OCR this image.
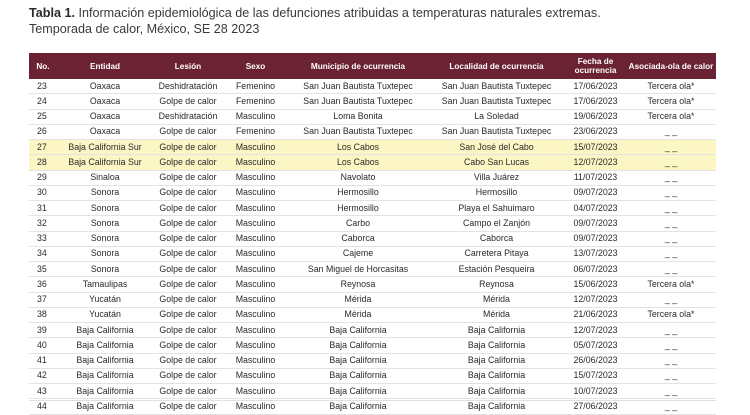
Tabla 1. Información epidemiológica de las defunciones atribuidas a temperaturas naturales extremas.
Temporada de calor, México, SE 28 2023
No.	Entidad	Lesión	Sexo	Municipio de ocurrencia	Localidad de ocurrencia	Fecha de ocurrencia	Asociada-ola de calor
23	Oaxaca	Deshidratación	Femenino	San Juan Bautista Tuxtepec	San Juan Bautista Tuxtepec	17/06/2023	Tercera ola*
24	Oaxaca	Golpe de calor	Femenino	San Juan Bautista Tuxtepec	San Juan Bautista Tuxtepec	17/06/2023	Tercera ola*
25	Oaxaca	Deshidratación	Masculino	Loma Bonita	La Soledad	19/06/2023	Tercera ola*
26	Oaxaca	Golpe de calor	Femenino	San Juan Bautista Tuxtepec	San Juan Bautista Tuxtepec	23/06/2023	_ _
27	Baja California Sur	Golpe de calor	Masculino	Los Cabos	San José del Cabo	15/07/2023	_ _
28	Baja California Sur	Golpe de calor	Masculino	Los Cabos	Cabo San Lucas	12/07/2023	_ _
29	Sinaloa	Golpe de calor	Masculino	Navolato	Villa Juárez	11/07/2023	_ _
30	Sonora	Golpe de calor	Masculino	Hermosillo	Hermosillo	09/07/2023	_ _
31	Sonora	Golpe de calor	Masculino	Hermosillo	Playa el Sahuimaro	04/07/2023	_ _
32	Sonora	Golpe de calor	Masculino	Carbo	Campo el Zanjón	09/07/2023	_ _
33	Sonora	Golpe de calor	Masculino	Caborca	Caborca	09/07/2023	_ _
34	Sonora	Golpe de calor	Masculino	Cajeme	Carretera Pitaya	13/07/2023	_ _
35	Sonora	Golpe de calor	Masculino	San Miguel de Horcasitas	Estación Pesqueira	06/07/2023	_ _
36	Tamaulipas	Golpe de calor	Masculino	Reynosa	Reynosa	15/06/2023	Tercera ola*
37	Yucatán	Golpe de calor	Masculino	Mérida	Mérida	12/07/2023	_ _
38	Yucatán	Golpe de calor	Masculino	Mérida	Mérida	21/06/2023	Tercera ola*
39	Baja California	Golpe de calor	Masculino	Baja California	Baja California	12/07/2023	_ _
40	Baja California	Golpe de calor	Masculino	Baja California	Baja California	05/07/2023	_ _
41	Baja California	Golpe de calor	Masculino	Baja California	Baja California	26/06/2023	_ _
42	Baja California	Golpe de calor	Masculino	Baja California	Baja California	15/07/2023	_ _
43	Baja California	Golpe de calor	Masculino	Baja California	Baja California	10/07/2023	_ _
44	Baja California	Golpe de calor	Masculino	Baja California	Baja California	27/06/2023	_ _
